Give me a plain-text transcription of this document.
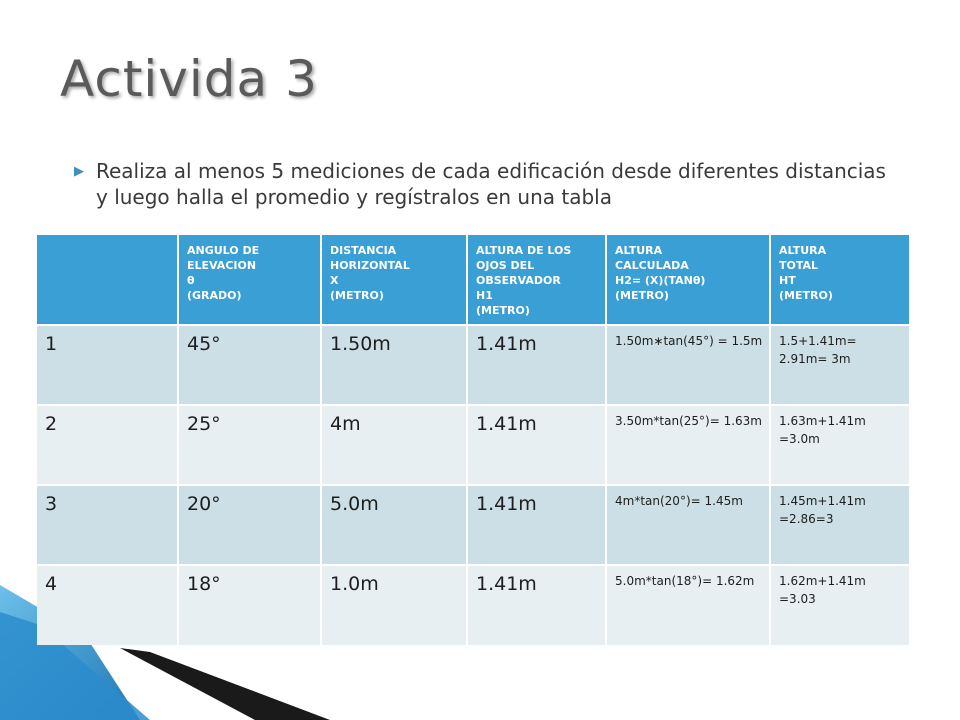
Activida 3
▶ Realiza al menos 5 mediciones de cada edificación desde diferentes distancias y luego halla el promedio y regístralos en una tabla
	ANGULO DE
ELEVACION
θ
(GRADO)	DISTANCIA
HORIZONTAL
X
(METRO)	ALTURA DE LOS
OJOS DEL
OBSERVADOR
H1
(METRO)	ALTURA
CALCULADA
H2= (X)(TANθ)
(METRO)	ALTURA
TOTAL
HT
(METRO)
1	45°	1.50m	1.41m	1.50m∗tan(45°) = 1.5m	1.5+1.41m= 2.91m= 3m
2	25°	4m	1.41m	3.50m*tan(25°)= 1.63m	1.63m+1.41m =3.0m
3	20°	5.0m	1.41m	4m*tan(20°)= 1.45m	1.45m+1.41m =2.86=3
4	18°	1.0m	1.41m	5.0m*tan(18°)= 1.62m	1.62m+1.41m =3.03
